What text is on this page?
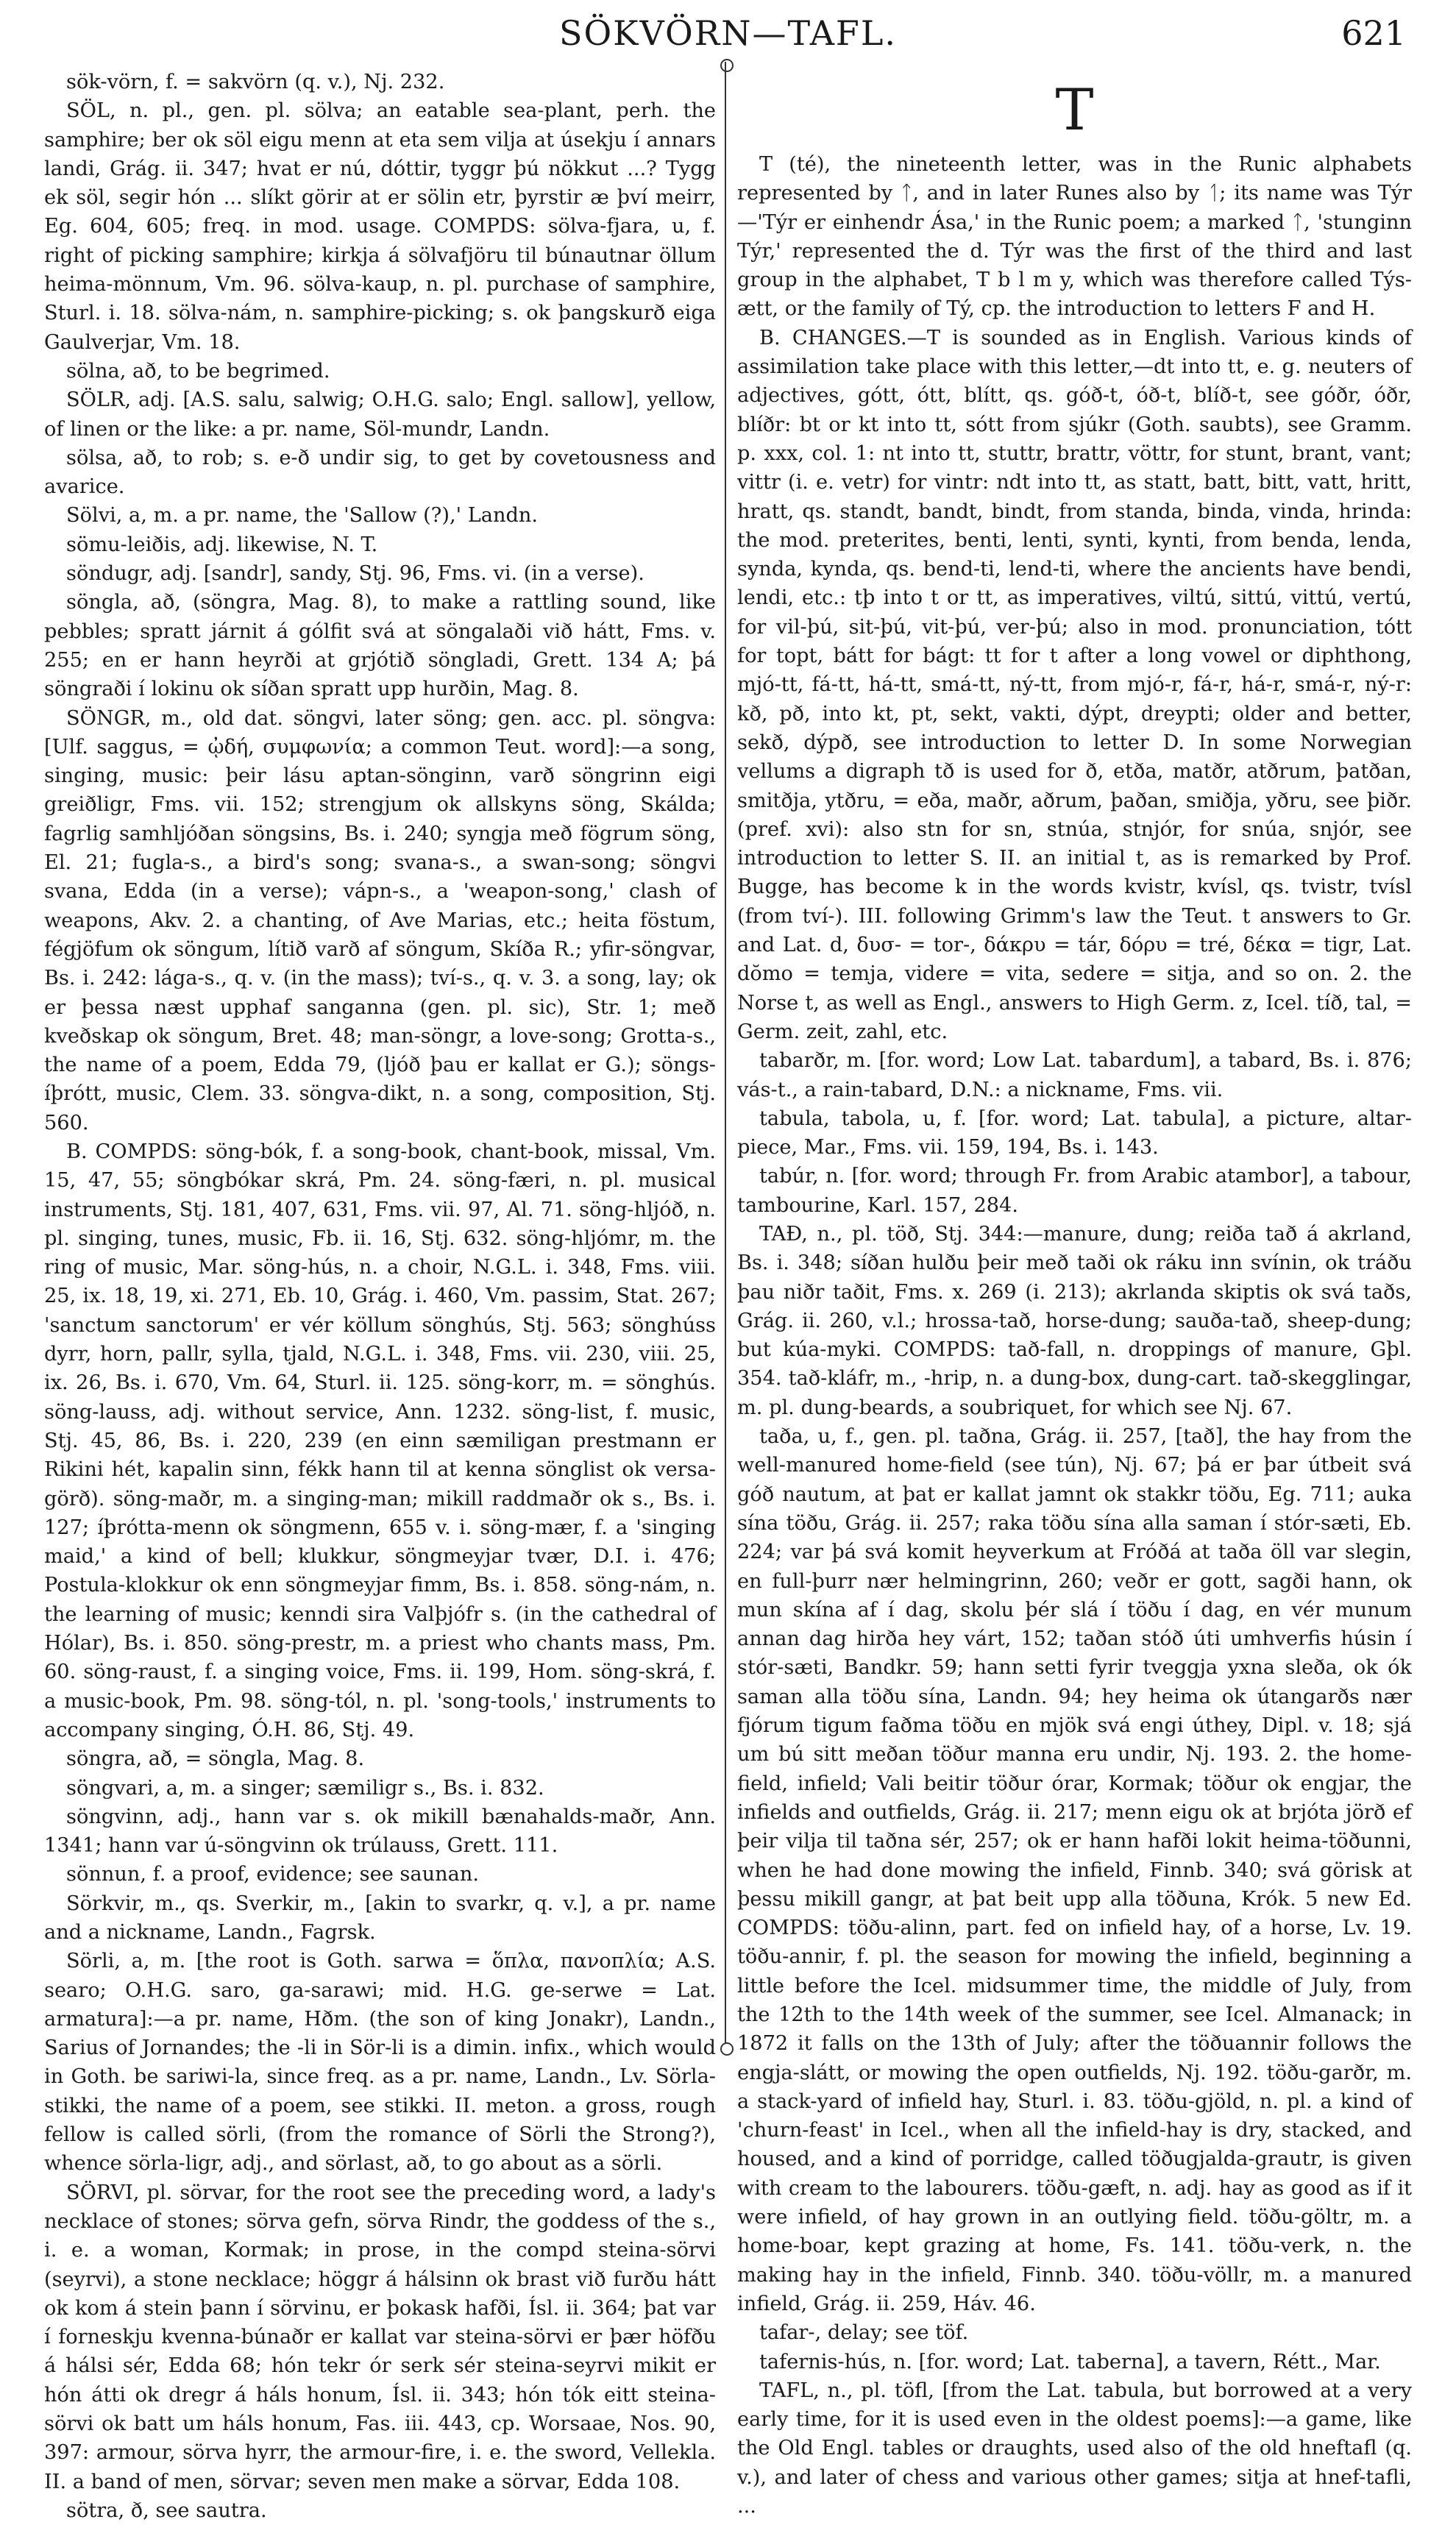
SÖKVÖRN—TAFL.	621

sök-vörn, f. = sakvörn (q. v.), Nj. 232.

SÖL, n. pl., gen. pl. sölva; an eatable sea-plant, perh. the samphire; ber ok söl eigu menn at eta sem vilja at úsekju í annars landi, Grág. ii. 347; hvat er nú, dóttir, tyggr þú nökkut ...? Tygg ek söl, segir hón ... slíkt görir at er sölin etr, þyrstir æ því meirr, Eg. 604, 605; freq. in mod. usage. COMPDS: sölva-fjara, u, f. right of picking samphire; kirkja á sölvafjöru til búnautnar öllum heima-mönnum, Vm. 96. sölva-kaup, n. pl. purchase of samphire, Sturl. i. 18. sölva-nám, n. samphire-picking; s. ok þangskurð eiga Gaulverjar, Vm. 18.

sölna, að, to be begrimed.

SÖLR, adj. [A.S. salu, salwig; O.H.G. salo; Engl. sallow], yellow, of linen or the like: a pr. name, Söl-mundr, Landn.

sölsa, að, to rob; s. e-ð undir sig, to get by covetousness and avarice.

Sölvi, a, m. a pr. name, the 'Sallow (?),' Landn.

sömu-leiðis, adj. likewise, N. T.

söndugr, adj. [sandr], sandy, Stj. 96, Fms. vi. (in a verse).

söngla, að, (söngra, Mag. 8), to make a rattling sound, like pebbles; spratt járnit á gólfit svá at söngalaði við hátt, Fms. v. 255; en er hann heyrði at grjótið söngladi, Grett. 134 A; þá söngraði í lokinu ok síðan spratt upp hurðin, Mag. 8.

SÖNGR, m., old dat. söngvi, later söng; gen. acc. pl. söngva: [Ulf. saggus, = ᾠδή, συμφωνία; a common Teut. word]:—a song, singing, music: þeir lásu aptan-sönginn, varð söngrinn eigi greiðligr, Fms. vii. 152; strengjum ok allskyns söng, Skálda; fagrlig samhljóðan söngsins, Bs. i. 240; syngja með fögrum söng, El. 21; fugla-s., a bird's song; svana-s., a swan-song; söngvi svana, Edda (in a verse); vápn-s., a 'weapon-song,' clash of weapons, Akv. 2. a chanting, of Ave Marias, etc.; heita föstum, fégjöfum ok söngum, lítið varð af söngum, Skíða R.; yfir-söngvar, Bs. i. 242: lága-s., q. v. (in the mass); tví-s., q. v. 3. a song, lay; ok er þessa næst upphaf sanganna (gen. pl. sic), Str. 1; með kveðskap ok söngum, Bret. 48; man-söngr, a love-song; Grotta-s., the name of a poem, Edda 79, (ljóð þau er kallat er G.); söngs-íþrótt, music, Clem. 33. söngva-dikt, n. a song, composition, Stj. 560.

B. COMPDS: söng-bók, f. a song-book, chant-book, missal, Vm. 15, 47, 55; söngbókar skrá, Pm. 24. söng-færi, n. pl. musical instruments, Stj. 181, 407, 631, Fms. vii. 97, Al. 71. söng-hljóð, n. pl. singing, tunes, music, Fb. ii. 16, Stj. 632. söng-hljómr, m. the ring of music, Mar. söng-hús, n. a choir, N.G.L. i. 348, Fms. viii. 25, ix. 18, 19, xi. 271, Eb. 10, Grág. i. 460, Vm. passim, Stat. 267; 'sanctum sanctorum' er vér köllum sönghús, Stj. 563; sönghúss dyrr, horn, pallr, sylla, tjald, N.G.L. i. 348, Fms. vii. 230, viii. 25, ix. 26, Bs. i. 670, Vm. 64, Sturl. ii. 125. söng-korr, m. = sönghús. söng-lauss, adj. without service, Ann. 1232. söng-list, f. music, Stj. 45, 86, Bs. i. 220, 239 (en einn sæmiligan prestmann er Rikini hét, kapalin sinn, fékk hann til at kenna sönglist ok versa-görð). söng-maðr, m. a singing-man; mikill raddmaðr ok s., Bs. i. 127; íþrótta-menn ok söngmenn, 655 v. i. söng-mær, f. a 'singing maid,' a kind of bell; klukkur, söngmeyjar tvær, D.I. i. 476; Postula-klokkur ok enn söngmeyjar fimm, Bs. i. 858. söng-nám, n. the learning of music; kenndi sira Valþjófr s. (in the cathedral of Hólar), Bs. i. 850. söng-prestr, m. a priest who chants mass, Pm. 60. söng-raust, f. a singing voice, Fms. ii. 199, Hom. söng-skrá, f. a music-book, Pm. 98. söng-tól, n. pl. 'song-tools,' instruments to accompany singing, Ó.H. 86, Stj. 49.

söngra, að, = söngla, Mag. 8.

söngvari, a, m. a singer; sæmiligr s., Bs. i. 832.

söngvinn, adj., hann var s. ok mikill bænahalds-maðr, Ann. 1341; hann var ú-söngvinn ok trúlauss, Grett. 111.

sönnun, f. a proof, evidence; see saunan.

Sörkvir, m., qs. Sverkir, m., [akin to svarkr, q. v.], a pr. name and a nickname, Landn., Fagrsk.

Sörli, a, m. [the root is Goth. sarwa = ὅπλα, πανοπλία; A.S. searo; O.H.G. saro, ga-sarawi; mid. H.G. ge-serwe = Lat. armatura]:—a pr. name, Hðm. (the son of king Jonakr), Landn., Sarius of Jornandes; the -li in Sör-li is a dimin. infix., which would in Goth. be sariwi-la, since freq. as a pr. name, Landn., Lv. Sörla-stikki, the name of a poem, see stikki. II. meton. a gross, rough fellow is called sörli, (from the romance of Sörli the Strong?), whence sörla-ligr, adj., and sörlast, að, to go about as a sörli.

SÖRVI, pl. sörvar, for the root see the preceding word, a lady's necklace of stones; sörva gefn, sörva Rindr, the goddess of the s., i. e. a woman, Kormak; in prose, in the compd steina-sörvi (seyrvi), a stone necklace; höggr á hálsinn ok brast við furðu hátt ok kom á stein þann í sörvinu, er þokask hafði, Ísl. ii. 364; þat var í forneskju kvenna-búnaðr er kallat var steina-sörvi er þær höfðu á hálsi sér, Edda 68; hón tekr ór serk sér steina-seyrvi mikit er hón átti ok dregr á háls honum, Ísl. ii. 343; hón tók eitt steina-sörvi ok batt um háls honum, Fas. iii. 443, cp. Worsaae, Nos. 90, 397: armour, sörva hyrr, the armour-fire, i. e. the sword, Vellekla. II. a band of men, sörvar; seven men make a sörvar, Edda 108.

sötra, ð, see sautra.

T

T (té), the nineteenth letter, was in the Runic alphabets represented by ᛏ, and in later Runes also by ᛐ; its name was Týr—'Týr er einhendr Ása,' in the Runic poem; a marked ᛏ, 'stunginn Týr,' represented the d. Týr was the first of the third and last group in the alphabet, T b l m y, which was therefore called Týs-ætt, or the family of Tý, cp. the introduction to letters F and H.

B. CHANGES.—T is sounded as in English. Various kinds of assimilation take place with this letter,—dt into tt, e. g. neuters of adjectives, gótt, ótt, blítt, qs. góð-t, óð-t, blíð-t, see góðr, óðr, blíðr: bt or kt into tt, sótt from sjúkr (Goth. saubts), see Gramm. p. xxx, col. 1: nt into tt, stuttr, brattr, vöttr, for stunt, brant, vant; vittr (i. e. vetr) for vintr: ndt into tt, as statt, batt, bitt, vatt, hritt, hratt, qs. standt, bandt, bindt, from standa, binda, vinda, hrinda: the mod. preterites, benti, lenti, synti, kynti, from benda, lenda, synda, kynda, qs. bend-ti, lend-ti, where the ancients have bendi, lendi, etc.: tþ into t or tt, as imperatives, viltú, sittú, vittú, vertú, for vil-þú, sit-þú, vit-þú, ver-þú; also in mod. pronunciation, tótt for topt, bátt for bágt: tt for t after a long vowel or diphthong, mjó-tt, fá-tt, há-tt, smá-tt, ný-tt, from mjó-r, fá-r, há-r, smá-r, ný-r: kð, pð, into kt, pt, sekt, vakti, dýpt, dreypti; older and better, sekð, dýpð, see introduction to letter D. In some Norwegian vellums a digraph tð is used for ð, etða, matðr, atðrum, þatðan, smitðja, ytðru, = eða, maðr, aðrum, þaðan, smiðja, yðru, see þiðr. (pref. xvi): also stn for sn, stnúa, stnjór, for snúa, snjór, see introduction to letter S. II. an initial t, as is remarked by Prof. Bugge, has become k in the words kvistr, kvísl, qs. tvistr, tvísl (from tví-). III. following Grimm's law the Teut. t answers to Gr. and Lat. d, δυσ- = tor-, δάκρυ = tár, δόρυ = tré, δέκα = tigr, Lat. dŏmo = temja, videre = vita, sedere = sitja, and so on. 2. the Norse t, as well as Engl., answers to High Germ. z, Icel. tíð, tal, = Germ. zeit, zahl, etc.

tabarðr, m. [for. word; Low Lat. tabardum], a tabard, Bs. i. 876; vás-t., a rain-tabard, D.N.: a nickname, Fms. vii.

tabula, tabola, u, f. [for. word; Lat. tabula], a picture, altar-piece, Mar., Fms. vii. 159, 194, Bs. i. 143.

tabúr, n. [for. word; through Fr. from Arabic atambor], a tabour, tambourine, Karl. 157, 284.

TAÐ, n., pl. töð, Stj. 344:—manure, dung; reiða tað á akrland, Bs. i. 348; síðan hulðu þeir með taði ok ráku inn svínin, ok tráðu þau niðr taðit, Fms. x. 269 (i. 213); akrlanda skiptis ok svá taðs, Grág. ii. 260, v.l.; hrossa-tað, horse-dung; sauða-tað, sheep-dung; but kúa-myki. COMPDS: tað-fall, n. droppings of manure, Gþl. 354. tað-kláfr, m., -hrip, n. a dung-box, dung-cart. tað-skegglingar, m. pl. dung-beards, a soubriquet, for which see Nj. 67.

taða, u, f., gen. pl. taðna, Grág. ii. 257, [tað], the hay from the well-manured home-field (see tún), Nj. 67; þá er þar útbeit svá góð nautum, at þat er kallat jamnt ok stakkr töðu, Eg. 711; auka sína töðu, Grág. ii. 257; raka töðu sína alla saman í stór-sæti, Eb. 224; var þá svá komit heyverkum at Fróðá at taða öll var slegin, en full-þurr nær helmingrinn, 260; veðr er gott, sagði hann, ok mun skína af í dag, skolu þér slá í töðu í dag, en vér munum annan dag hirða hey várt, 152; taðan stóð úti umhverfis húsin í stór-sæti, Bandkr. 59; hann setti fyrir tveggja yxna sleða, ok ók saman alla töðu sína, Landn. 94; hey heima ok útangarðs nær fjórum tigum faðma töðu en mjök svá engi úthey, Dipl. v. 18; sjá um bú sitt meðan töður manna eru undir, Nj. 193. 2. the home-field, infield; Vali beitir töður órar, Kormak; töður ok engjar, the infields and outfields, Grág. ii. 217; menn eigu ok at brjóta jörð ef þeir vilja til taðna sér, 257; ok er hann hafði lokit heima-töðunni, when he had done mowing the infield, Finnb. 340; svá görisk at þessu mikill gangr, at þat beit upp alla töðuna, Krók. 5 new Ed. COMPDS: töðu-alinn, part. fed on infield hay, of a horse, Lv. 19. töðu-annir, f. pl. the season for mowing the infield, beginning a little before the Icel. midsummer time, the middle of July, from the 12th to the 14th week of the summer, see Icel. Almanack; in 1872 it falls on the 13th of July; after the töðuannir follows the engja-slátt, or mowing the open outfields, Nj. 192. töðu-garðr, m. a stack-yard of infield hay, Sturl. i. 83. töðu-gjöld, n. pl. a kind of 'churn-feast' in Icel., when all the infield-hay is dry, stacked, and housed, and a kind of porridge, called töðugjalda-grautr, is given with cream to the labourers. töðu-gæft, n. adj. hay as good as if it were infield, of hay grown in an outlying field. töðu-göltr, m. a home-boar, kept grazing at home, Fs. 141. töðu-verk, n. the making hay in the infield, Finnb. 340. töðu-völlr, m. a manured infield, Grág. ii. 259, Háv. 46.

tafar-, delay; see töf.

tafernis-hús, n. [for. word; Lat. taberna], a tavern, Rétt., Mar.

TAFL, n., pl. töfl, [from the Lat. tabula, but borrowed at a very early time, for it is used even in the oldest poems]:—a game, like the Old Engl. tables or draughts, used also of the old hneftafl (q. v.), and later of chess and various other games; sitja at hnef-tafli, ...
